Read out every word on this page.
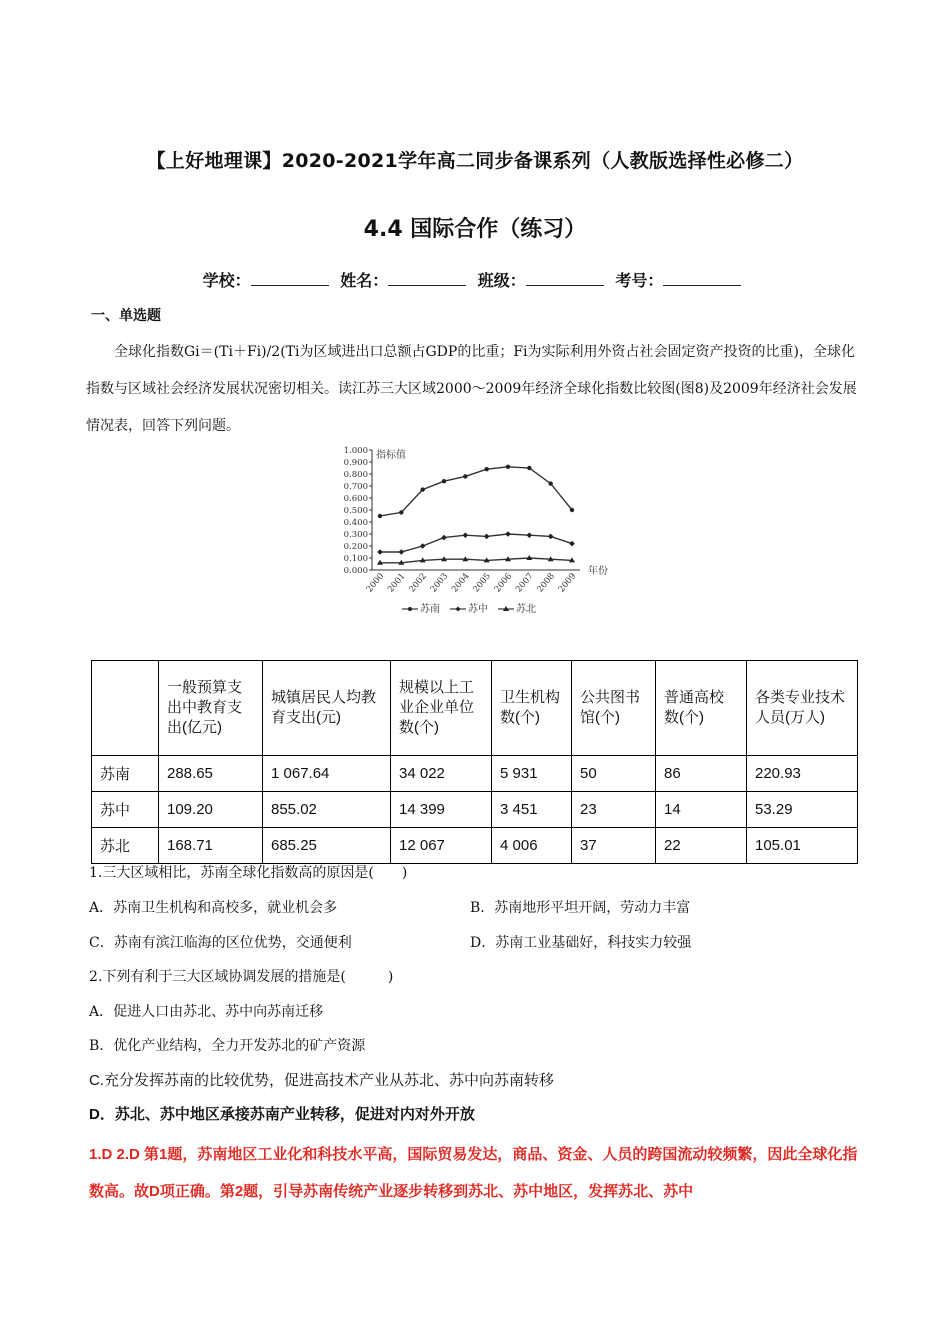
【上好地理课】2020-2021学年高二同步备课系列（人教版选择性必修二）
4.4 国际合作（练习）
学校：	姓名：	班级：	考号：
一、单选题
全球化指数Gi＝(Ti＋Fi)/2(Ti为区域进出口总额占GDP的比重；Fi为实际利用外资占社会固定资产投资的比重)，全球化指数与区域社会经济发展状况密切相关。读江苏三大区域2000～2009年经济全球化指数比较图(图8)及2009年经济社会发展情况表，回答下列问题。
0.000
0.100
0.200
0.300
0.400
0.500
0.600
0.700
0.800
0.900
1.000 指标值
2000 2001 2002 2003 2004 2005 2006 2007 2008 2009
年份
苏南	苏中	苏北
	一般预算支出中教育支出(亿元)	城镇居民人均教育支出(元)	规模以上工业企业单位数(个)	卫生机构数(个)	公共图书馆(个)	普通高校数(个)	各类专业技术人员(万人)
苏南	288.65	1 067.64	34 022	5 931	50	86	220.93
苏中	109.20	855.02	14 399	3 451	23	14	53.29
苏北	168.71	685.25	12 067	4 006	37	22	105.01
1.三大区域相比，苏南全球化指数高的原因是(　　)
A．苏南卫生机构和高校多，就业机会多	B．苏南地形平坦开阔，劳动力丰富
C．苏南有滨江临海的区位优势，交通便利	D．苏南工业基础好，科技实力较强
2.下列有利于三大区域协调发展的措施是(　　　)
A．促进人口由苏北、苏中向苏南迁移
B．优化产业结构，全力开发苏北的矿产资源
C.充分发挥苏南的比较优势，促进高技术产业从苏北、苏中向苏南转移
D．苏北、苏中地区承接苏南产业转移，促进对内对外开放
1.D 2.D 第1题，苏南地区工业化和科技水平高，国际贸易发达，商品、资金、人员的跨国流动较频繁，因此全球化指数高。故D项正确。第2题，引导苏南传统产业逐步转移到苏北、苏中地区，发挥苏北、苏中
